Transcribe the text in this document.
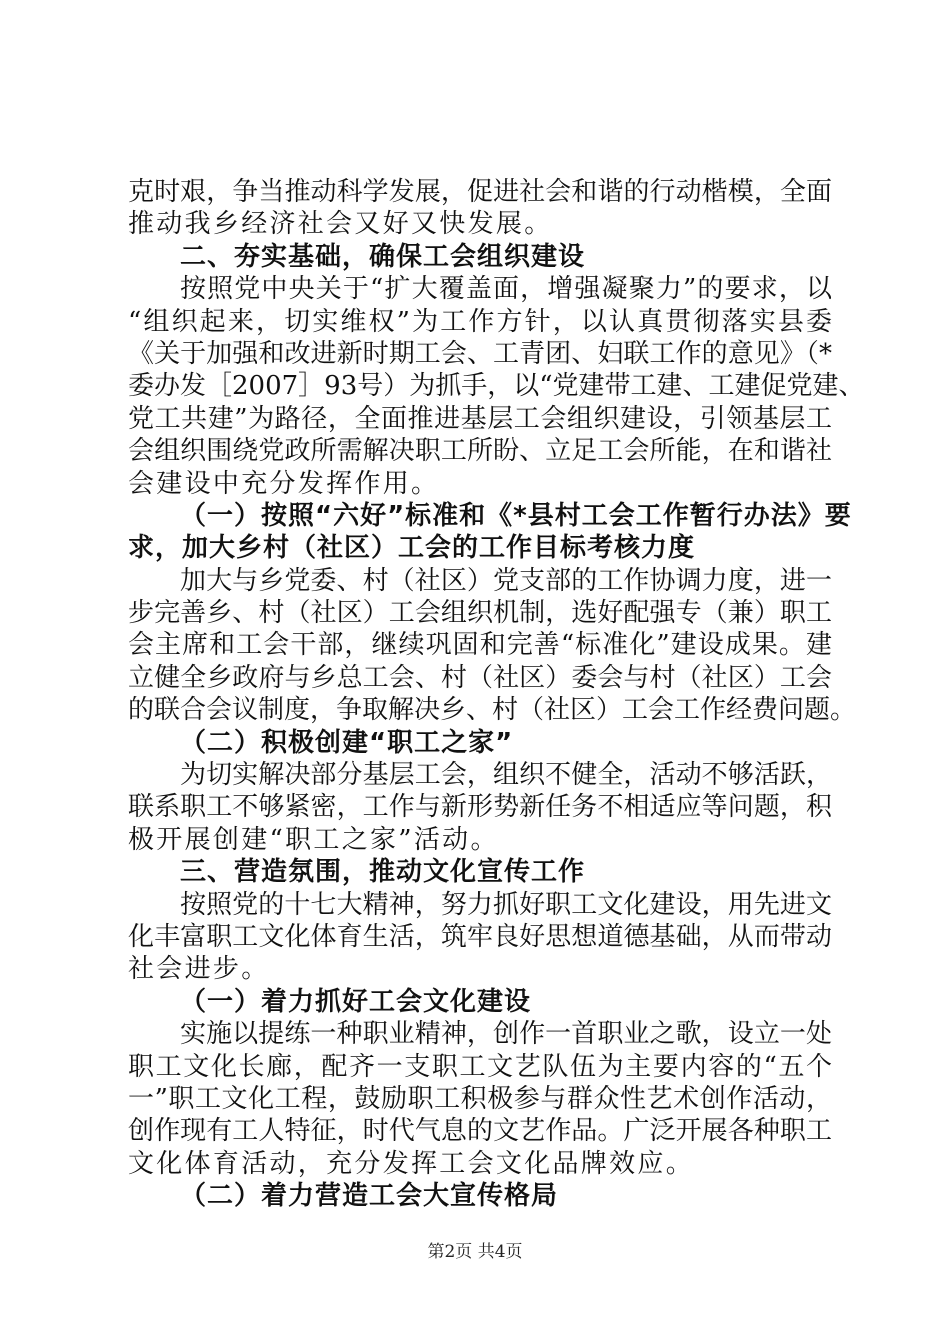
克时艰，争当推动科学发展，促进社会和谐的行动楷模，全面
推动我乡经济社会又好又快发展。
二、夯实基础，确保工会组织建设
按照党中央关于“扩大覆盖面，增强凝聚力”的要求，以
“组织起来，切实维权”为工作方针，以认真贯彻落实县委
《关于加强和改进新时期工会、工青团、妇联工作的意见》（*
委办发［2007］93号）为抓手，以“党建带工建、工建促党建、
党工共建”为路径，全面推进基层工会组织建设，引领基层工
会组织围绕党政所需解决职工所盼、立足工会所能，在和谐社
会建设中充分发挥作用。
（一）按照“六好”标准和《*县村工会工作暂行办法》要
求，加大乡村（社区）工会的工作目标考核力度
加大与乡党委、村（社区）党支部的工作协调力度，进一
步完善乡、村（社区）工会组织机制，选好配强专（兼）职工
会主席和工会干部，继续巩固和完善“标准化”建设成果。建
立健全乡政府与乡总工会、村（社区）委会与村（社区）工会
的联合会议制度，争取解决乡、村（社区）工会工作经费问题。
（二）积极创建“职工之家”
为切实解决部分基层工会，组织不健全，活动不够活跃，
联系职工不够紧密，工作与新形势新任务不相适应等问题，积
极开展创建“职工之家”活动。
三、营造氛围，推动文化宣传工作
按照党的十七大精神，努力抓好职工文化建设，用先进文
化丰富职工文化体育生活，筑牢良好思想道德基础，从而带动
社会进步。
（一）着力抓好工会文化建设
实施以提练一种职业精神，创作一首职业之歌，设立一处
职工文化长廊，配齐一支职工文艺队伍为主要内容的“五个
一”职工文化工程，鼓励职工积极参与群众性艺术创作活动，
创作现有工人特征，时代气息的文艺作品。广泛开展各种职工
文化体育活动，充分发挥工会文化品牌效应。
（二）着力营造工会大宣传格局
第2页 共4页
